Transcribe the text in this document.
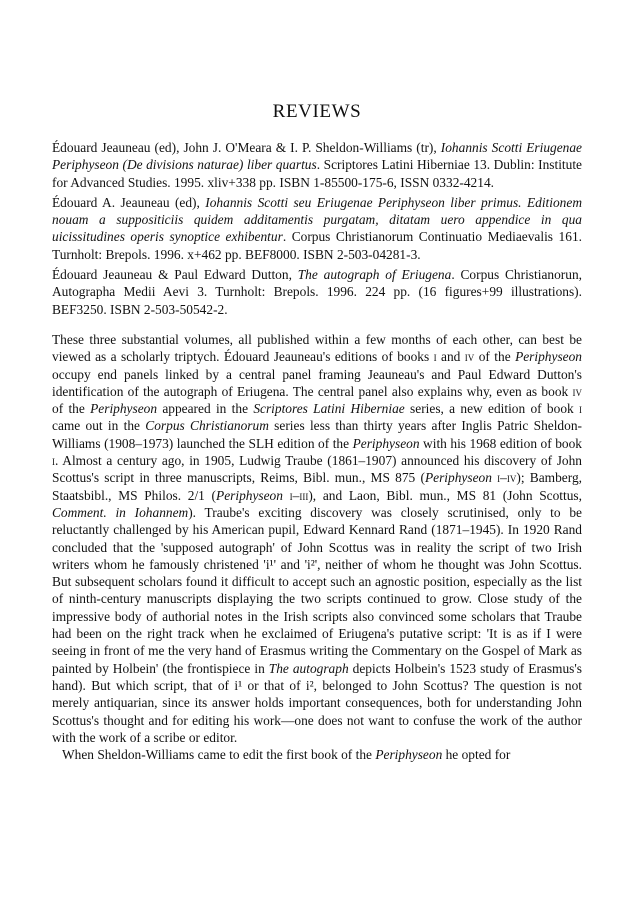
REVIEWS

Édouard Jeauneau (ed), John J. O'Meara & I. P. Sheldon-Williams (tr), Iohannis Scotti Eriugenae Periphyseon (De divisions naturae) liber quartus. Scriptores Latini Hiberniae 13. Dublin: Institute for Advanced Studies. 1995. xliv+338 pp. ISBN 1-85500-175-6, ISSN 0332-4214.

Édouard A. Jeauneau (ed), Iohannis Scotti seu Eriugenae Periphyseon liber primus. Editionem nouam a suppositiciis quidem additamentis purgatam, ditatam uero appendice in qua uicissitudines operis synoptice exhibentur. Corpus Christianorum Continuatio Mediaevalis 161. Turnholt: Brepols. 1996. x+462 pp. BEF8000. ISBN 2-503-04281-3.

Édouard Jeauneau & Paul Edward Dutton, The autograph of Eriugena. Corpus Christianorun, Autographa Medii Aevi 3. Turnholt: Brepols. 1996. 224 pp. (16 figures+99 illustrations). BEF3250. ISBN 2-503-50542-2.

These three substantial volumes, all published within a few months of each other, can best be viewed as a scholarly triptych. Édouard Jeauneau's editions of books i and iv of the Periphyseon occupy end panels linked by a central panel framing Jeauneau's and Paul Edward Dutton's identification of the autograph of Eriugena. The central panel also explains why, even as book iv of the Periphyseon appeared in the Scriptores Latini Hiberniae series, a new edition of book i came out in the Corpus Christianorum series less than thirty years after Inglis Patric Sheldon-Williams (1908–1973) launched the SLH edition of the Periphyseon with his 1968 edition of book i. Almost a century ago, in 1905, Ludwig Traube (1861–1907) announced his discovery of John Scottus's script in three manuscripts, Reims, Bibl. mun., MS 875 (Periphyseon i–iv); Bamberg, Staatsbibl., MS Philos. 2/1 (Periphyseon i–iii), and Laon, Bibl. mun., MS 81 (John Scottus, Comment. in Iohannem). Traube's exciting discovery was closely scrutinised, only to be reluctantly challenged by his American pupil, Edward Kennard Rand (1871–1945). In 1920 Rand concluded that the 'supposed autograph' of John Scottus was in reality the script of two Irish writers whom he famously christened 'i¹' and 'i²', neither of whom he thought was John Scottus. But subsequent scholars found it difficult to accept such an agnostic position, especially as the list of ninth-century manuscripts displaying the two scripts continued to grow. Close study of the impressive body of authorial notes in the Irish scripts also convinced some scholars that Traube had been on the right track when he exclaimed of Eriugena's putative script: 'It is as if I were seeing in front of me the very hand of Erasmus writing the Commentary on the Gospel of Mark as painted by Holbein' (the frontispiece in The autograph depicts Holbein's 1523 study of Erasmus's hand). But which script, that of i¹ or that of i², belonged to John Scottus? The question is not merely antiquarian, since its answer holds important consequences, both for understanding John Scottus's thought and for editing his work—one does not want to confuse the work of the author with the work of a scribe or editor.

When Sheldon-Williams came to edit the first book of the Periphyseon he opted for
